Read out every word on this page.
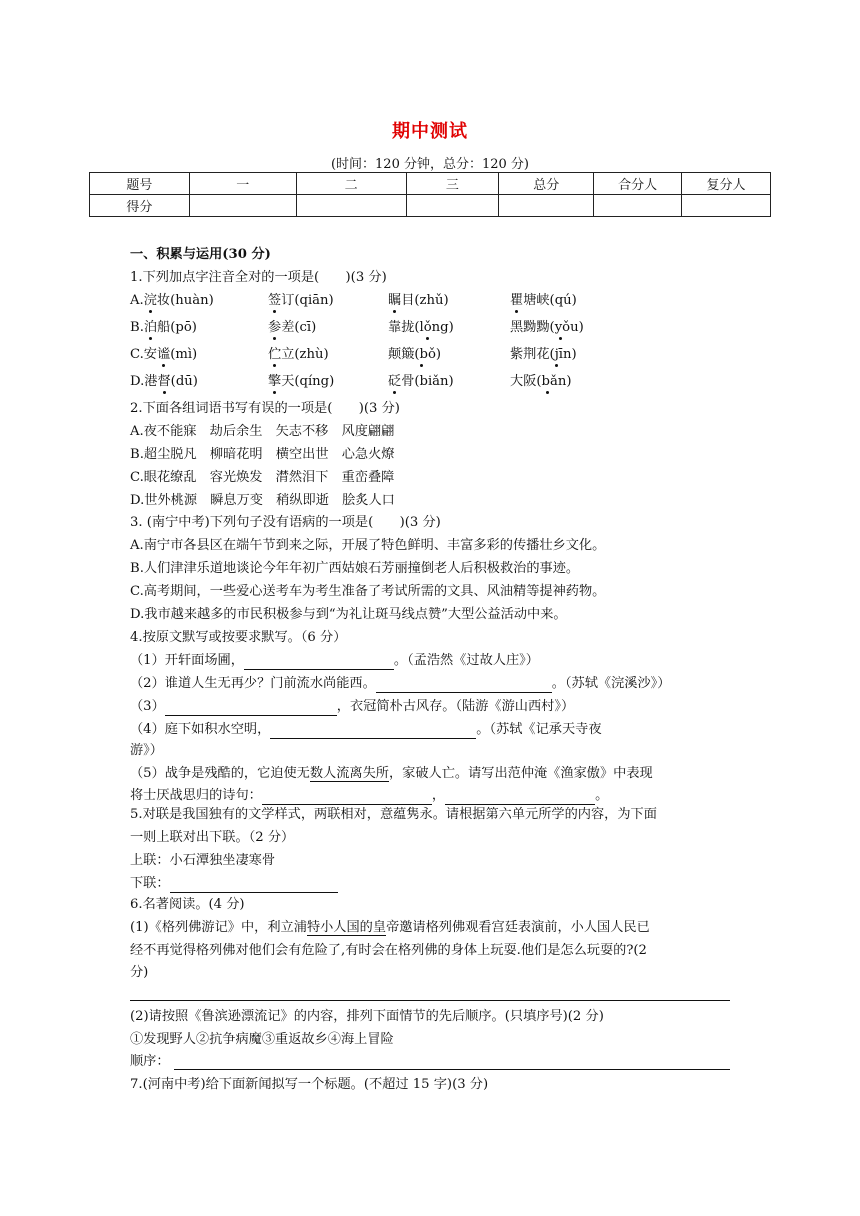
期中测试
(时间：120 分钟，总分：120 分)
题号	一	二	三	总分	合分人	复分人
得分						
一、积累与运用(30 分)
1.下列加点字注音全对的一项是(　　)(3 分)
A.浣妆(huàn)	签订(qiān)	瞩目(zhǔ)	瞿塘峡(qú)
B.泊船(pō)	参差(cī)	靠拢(lǒng)	黑黝黝(yǒu)
C.安谧(mì)	伫立(zhù)	颠簸(bǒ)	紫荆花(jīn)
D.港督(dū)	擎天(qíng)	砭骨(biǎn)	大阪(bǎn)
2.下面各组词语书写有误的一项是(　　)(3 分)
A.夜不能寐　劫后余生　矢志不移　风度翩翩
B.超尘脱凡　柳暗花明　横空出世　心急火燎
C.眼花缭乱　容光焕发　潸然泪下　重峦叠障
D.世外桃源　瞬息万变　稍纵即逝　脍炙人口
3. (南宁中考)下列句子没有语病的一项是(　　)(3 分)
A.南宁市各县区在端午节到来之际，开展了特色鲜明、丰富多彩的传播壮乡文化。
B.人们津津乐道地谈论今年年初广西姑娘石芳丽撞倒老人后积极救治的事迹。
C.高考期间，一些爱心送考车为考生准备了考试所需的文具、风油精等提神药物。
D.我市越来越多的市民积极参与到“为礼让斑马线点赞”大型公益活动中来。
4.按原文默写或按要求默写。（6 分）
（1）开轩面场圃，	。（孟浩然《过故人庄》）
（2）谁道人生无再少？门前流水尚能西。	。（苏轼《浣溪沙》）
（3）	，衣冠简朴古风存。（陆游《游山西村》）
（4）庭下如积水空明，	。（苏轼《记承天寺夜
游》）
（5）战争是残酷的，它迫使无数人流离失所，家破人亡。请写出范仲淹《渔家傲》中表现
将士厌战思归的诗句：	，	。
5.对联是我国独有的文学样式，两联相对，意蕴隽永。请根据第六单元所学的内容，为下面
一则上联对出下联。（2 分）
上联：小石潭独坐凄寒骨
下联：
6.名著阅读。(4 分)
(1)《格列佛游记》中，利立浦特小人国的皇帝邀请格列佛观看宫廷表演前，小人国人民已
经不再觉得格列佛对他们会有危险了,有时会在格列佛的身体上玩耍.他们是怎么玩耍的?(2
分)
(2)请按照《鲁滨逊漂流记》的内容，排列下面情节的先后顺序。(只填序号)(2 分)
①发现野人②抗争病魔③重返故乡④海上冒险
顺序：
7.(河南中考)给下面新闻拟写一个标题。(不超过 15 字)(3 分)
